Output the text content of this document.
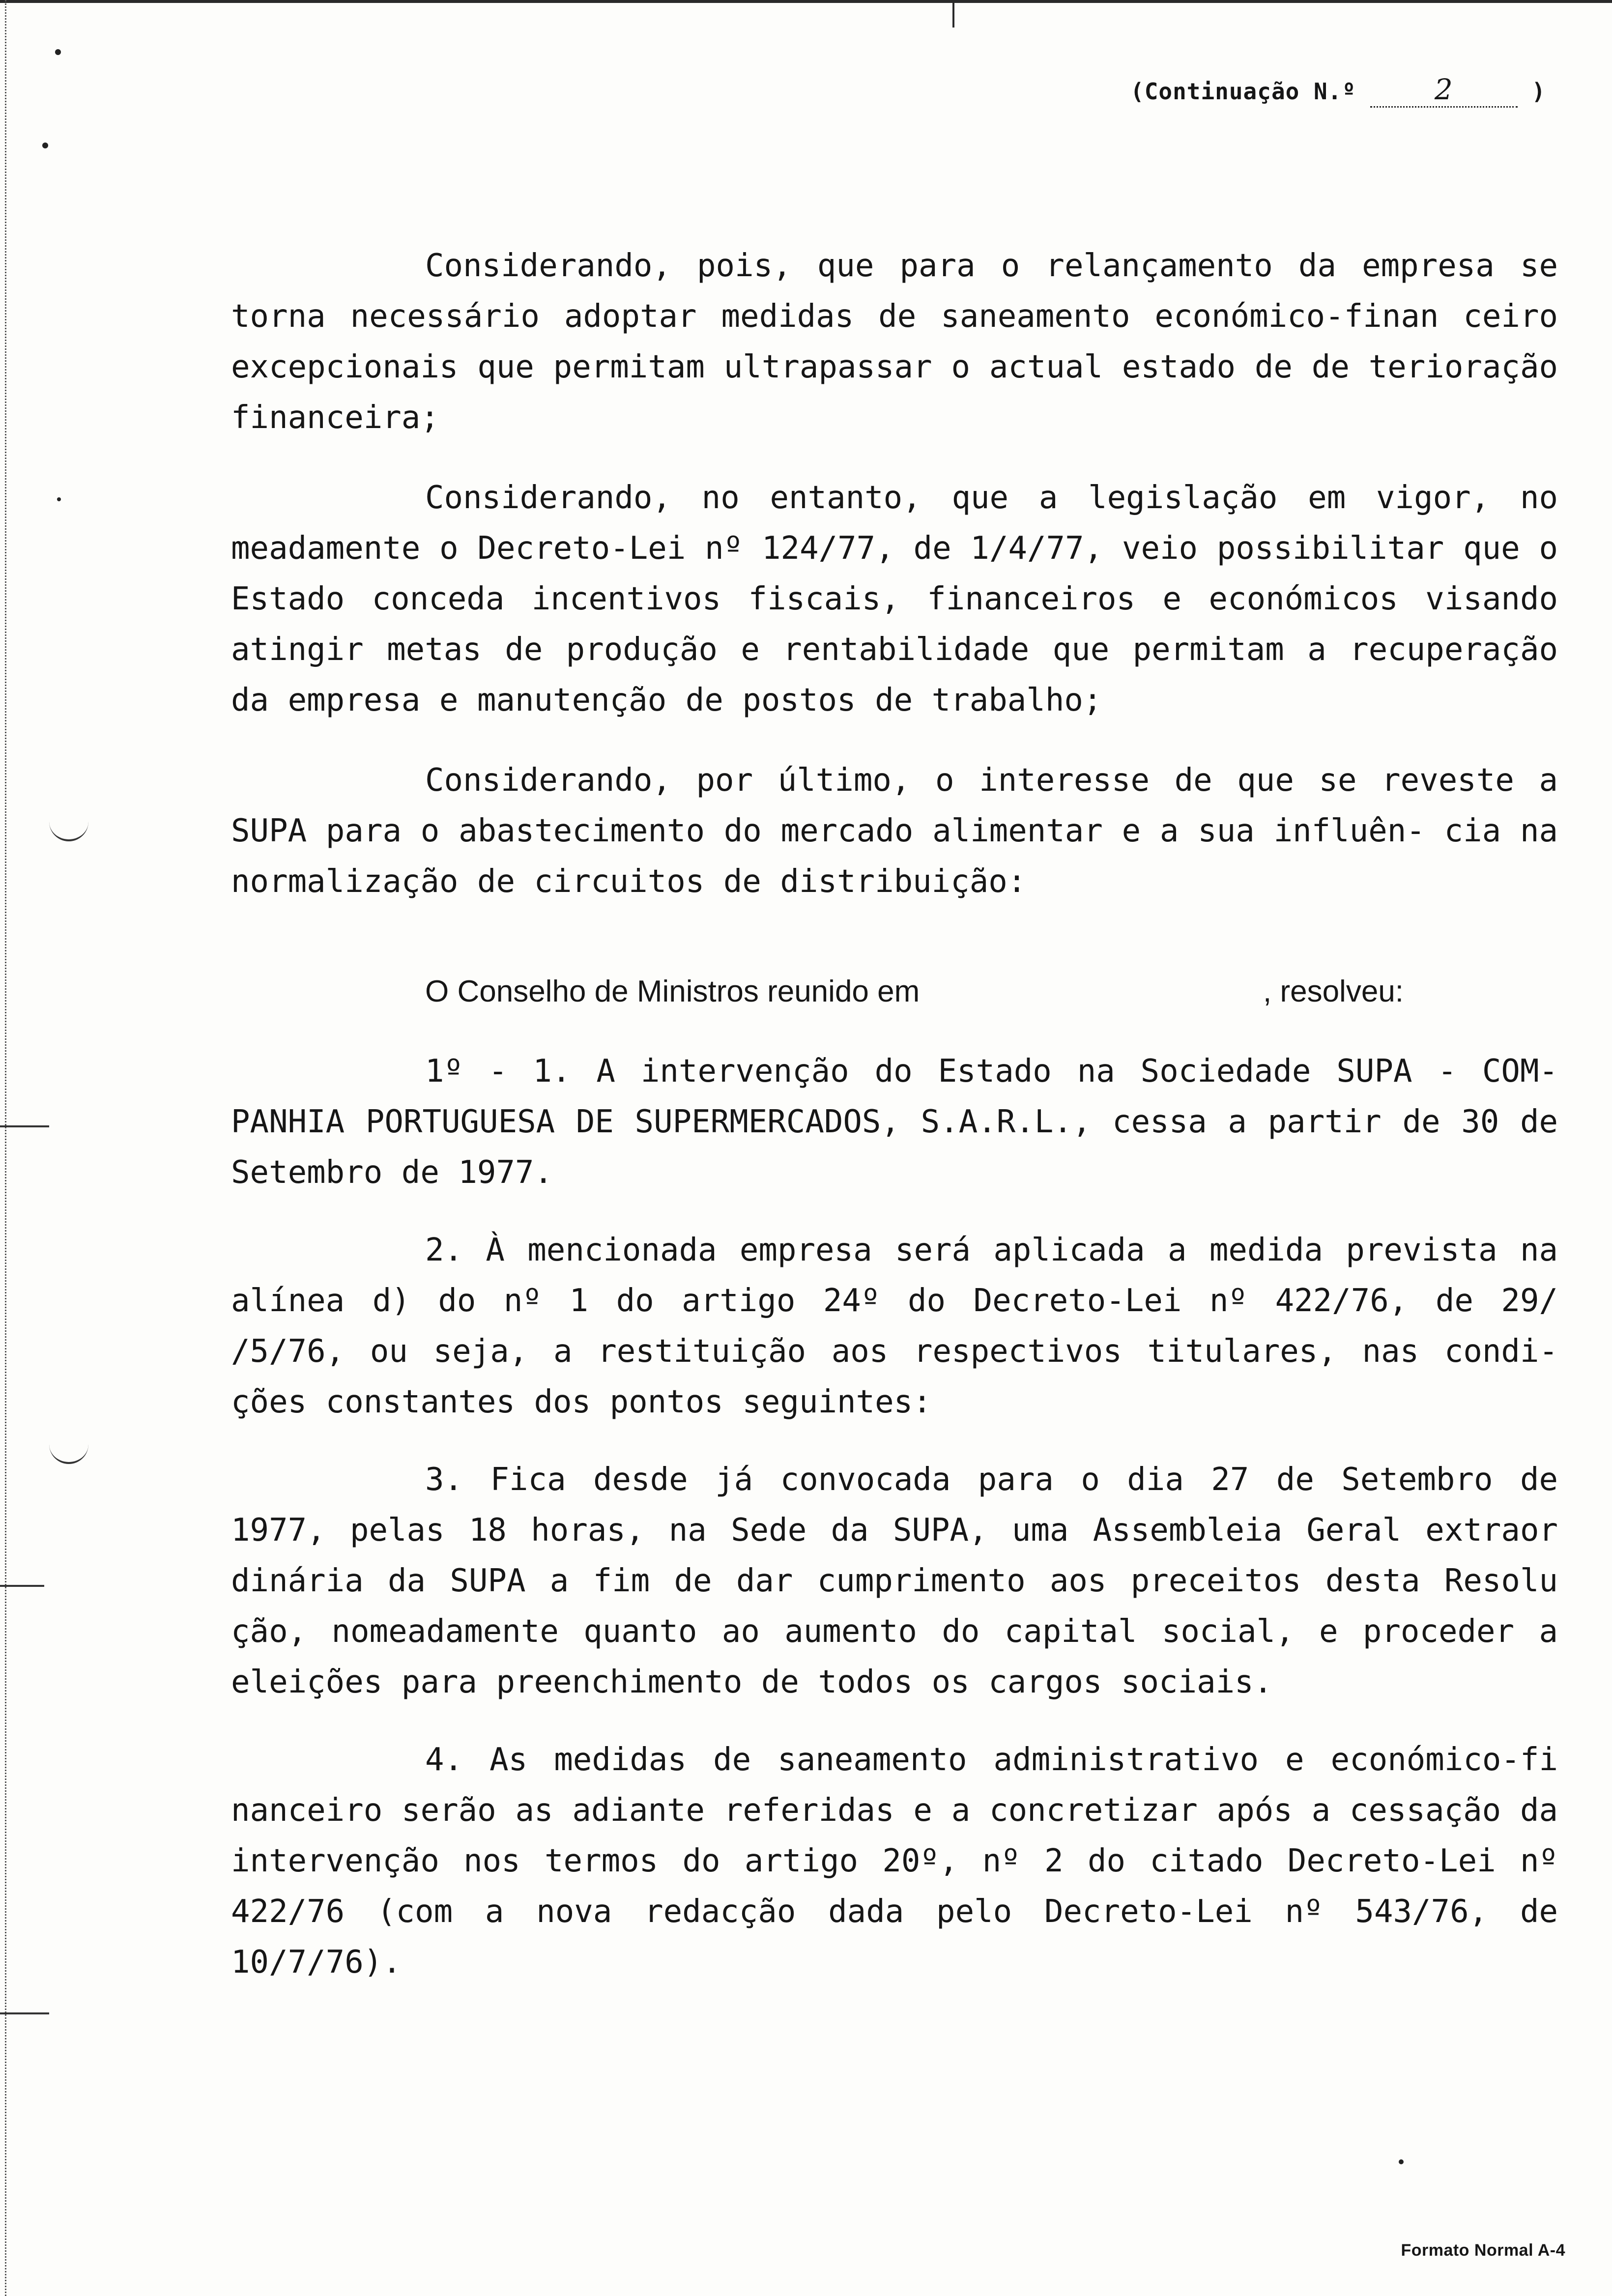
(Continuação N.º	2	)

Considerando, pois, que para o relançamento da empresa se torna necessário adoptar medidas de saneamento económico-finan ceiro excepcionais que permitam ultrapassar o actual estado de de terioração financeira;

Considerando, no entanto, que a legislação em vigor, no meadamente o Decreto-Lei nº 124/77, de 1/4/77, veio possibilitar que o Estado conceda incentivos fiscais, financeiros e económicos visando atingir metas de produção e rentabilidade que permitam a recuperação da empresa e manutenção de postos de trabalho;

Considerando, por último, o interesse de que se reveste a SUPA para o abastecimento do mercado alimentar e a sua influên- cia na normalização de circuitos de distribuição:

O Conselho de Ministros reunido em	, resolveu:

1º - 1. A intervenção do Estado na Sociedade SUPA - COM- PANHIA PORTUGUESA DE SUPERMERCADOS, S.A.R.L., cessa a partir de 30 de Setembro de 1977.

2. À mencionada empresa será aplicada a medida prevista na alínea d) do nº 1 do artigo 24º do Decreto-Lei nº 422/76, de 29/ /5/76, ou seja, a restituição aos respectivos titulares, nas condi- ções constantes dos pontos seguintes:

3. Fica desde já convocada para o dia 27 de Setembro de 1977, pelas 18 horas, na Sede da SUPA, uma Assembleia Geral extraor dinária da SUPA a fim de dar cumprimento aos preceitos desta Resolu ção, nomeadamente quanto ao aumento do capital social, e proceder a eleições para preenchimento de todos os cargos sociais.

4. As medidas de saneamento administrativo e económico-fi nanceiro serão as adiante referidas e a concretizar após a cessação da intervenção nos termos do artigo 20º, nº 2 do citado Decreto-Lei nº 422/76 (com a nova redacção dada pelo Decreto-Lei nº 543/76, de 10/7/76).

Formato Normal A-4
